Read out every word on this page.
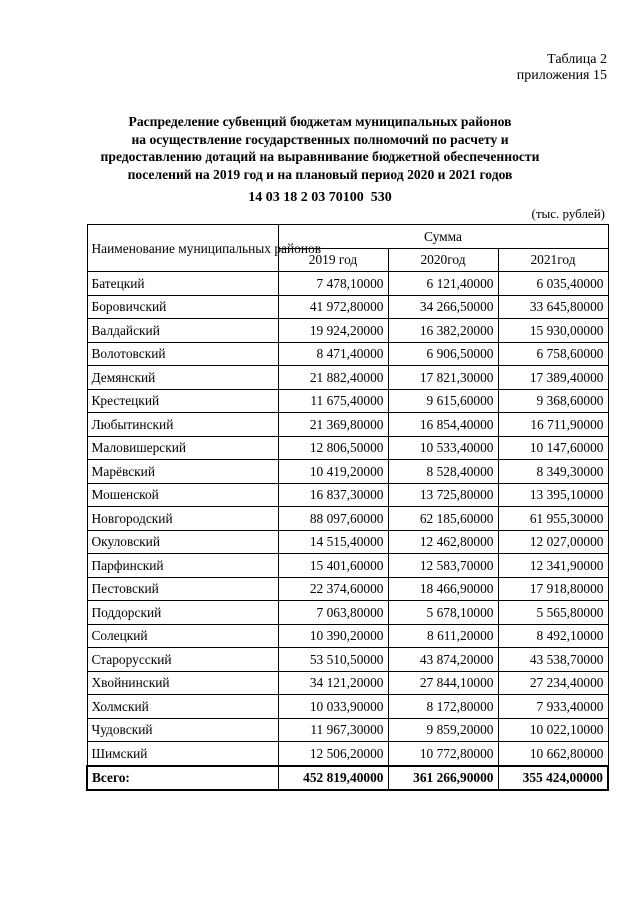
Таблица 2
приложения 15
Распределение субвенций бюджетам муниципальных районов
на осуществление государственных полномочий по расчету и
предоставлению дотаций на выравнивание бюджетной обеспеченности
поселений на 2019 год и на плановый период 2020 и 2021 годов
14 03 18 2 03 70100  530
(тыс. рублей)
Наименование муниципальных районов	Сумма		
	2019 год	2020год	2021год
Батецкий	7 478,10000	6 121,40000	6 035,40000
Боровичский	41 972,80000	34 266,50000	33 645,80000
Валдайский	19 924,20000	16 382,20000	15 930,00000
Волотовский	8 471,40000	6 906,50000	6 758,60000
Демянский	21 882,40000	17 821,30000	17 389,40000
Крестецкий	11 675,40000	9 615,60000	9 368,60000
Любытинский	21 369,80000	16 854,40000	16 711,90000
Маловишерский	12 806,50000	10 533,40000	10 147,60000
Марёвский	10 419,20000	8 528,40000	8 349,30000
Мошенской	16 837,30000	13 725,80000	13 395,10000
Новгородский	88 097,60000	62 185,60000	61 955,30000
Окуловский	14 515,40000	12 462,80000	12 027,00000
Парфинский	15 401,60000	12 583,70000	12 341,90000
Пестовский	22 374,60000	18 466,90000	17 918,80000
Поддорский	7 063,80000	5 678,10000	5 565,80000
Солецкий	10 390,20000	8 611,20000	8 492,10000
Старорусский	53 510,50000	43 874,20000	43 538,70000
Хвойнинский	34 121,20000	27 844,10000	27 234,40000
Холмский	10 033,90000	8 172,80000	7 933,40000
Чудовский	11 967,30000	9 859,20000	10 022,10000
Шимский	12 506,20000	10 772,80000	10 662,80000
Всего:	452 819,40000	361 266,90000	355 424,00000
